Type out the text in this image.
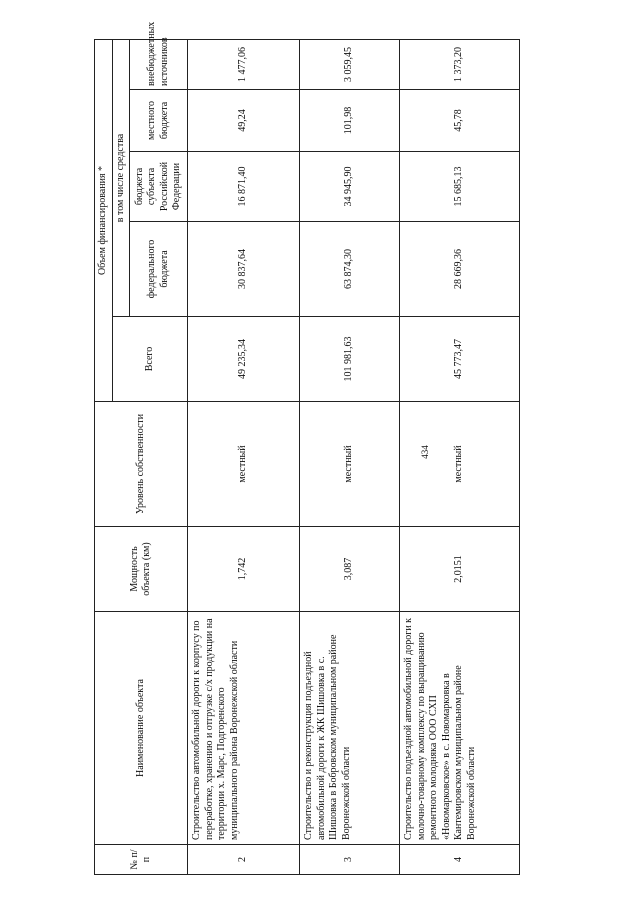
434
№ п/п	Наименование объекта	Мощность объекта (км)	Уровень собственности	Объем финансирования *				
				Всего	в том числе средства			
					федерального бюджета	бюджета субъекта Российской Федерации	местного бюджета	внебюджетных источников
2	Строительство автомобильной дороги к корпусу по переработке, хранению и отгрузке с/х продукции на территории х. Марс, Подгоренского муниципального района Воронежской области	1,742	местный	49 235,34	30 837,64	16 871,40	49,24	1 477,06
3	Строительство и реконструкция подъездной автомобильной дороги к ЖК Шишовка в с. Шишовка в Бобровском муниципальном районе Воронежской области	3,087	местный	101 981,63	63 874,30	34 945,90	101,98	3 059,45
4	Строительство подъездной автомобильной дороги к молочно-товарному комплексу по выращиванию ремонтного молодняка ООО СХП «Новомарковское» в с. Новомарковка в Кантемировском муниципальном районе Воронежской области	2,0151	местный	45 773,47	28 669,36	15 685,13	45,78	1 373,20
